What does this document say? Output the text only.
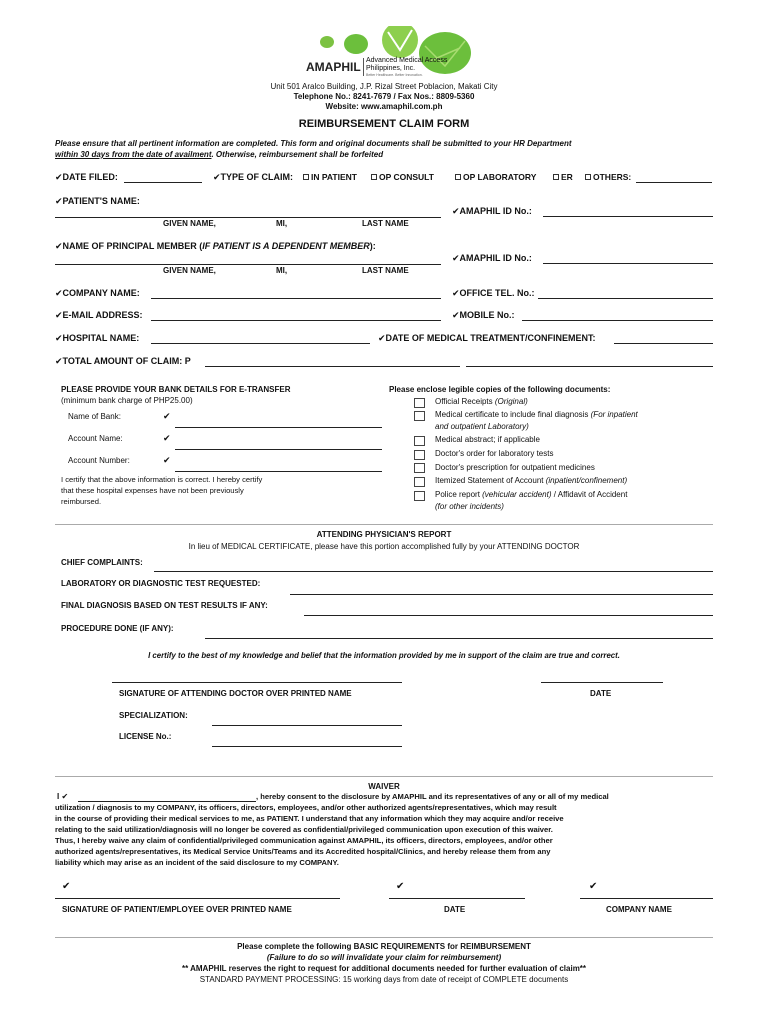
AMAPHIL Advanced Medical Access
Philippines, Inc.
Better Healthcare. Better Innovation.
Unit 501 Aralco Building, J.P. Rizal Street Poblacion, Makati City
Telephone No.: 8241-7679 / Fax Nos.: 8809-5360
Website: www.amaphil.com.ph
REIMBURSEMENT CLAIM FORM
Please ensure that all pertinent information are completed. This form and original documents shall be submitted to your HR Department
within 30 days from the date of availment. Otherwise, reimbursement shall be forfeited
✔DATE FILED:	✔TYPE OF CLAIM:	IN PATIENT	OP CONSULT	OP LABORATORY	ER	OTHERS:
✔PATIENT'S NAME:
GIVEN NAME,	MI,	LAST NAME
✔AMAPHIL ID No.:
✔NAME OF PRINCIPAL MEMBER (IF PATIENT IS A DEPENDENT MEMBER):
GIVEN NAME,	MI,	LAST NAME
✔AMAPHIL ID No.:
✔COMPANY NAME:	✔OFFICE TEL. No.:
✔E-MAIL ADDRESS:	✔MOBILE No.:
✔HOSPITAL NAME:	✔DATE OF MEDICAL TREATMENT/CONFINEMENT:
✔TOTAL AMOUNT OF CLAIM: P
PLEASE PROVIDE YOUR BANK DETAILS FOR E-TRANSFER
(minimum bank charge of PHP25.00)
Name of Bank:	✔
Account Name:	✔
Account Number:	✔
I certify that the above information is correct. I hereby certify
that these hospital expenses have not been previously
reimbursed.
Please enclose legible copies of the following documents:
Official Receipts (Original)
Medical certificate to include final diagnosis (For inpatient
and outpatient Laboratory)
Medical abstract; if applicable
Doctor's order for laboratory tests
Doctor's prescription for outpatient medicines
Itemized Statement of Account (inpatient/confinement)
Police report (vehicular accident) / Affidavit of Accident
(for other incidents)
ATTENDING PHYSICIAN'S REPORT
In lieu of MEDICAL CERTIFICATE, please have this portion accomplished fully by your ATTENDING DOCTOR
CHIEF COMPLAINTS:
LABORATORY OR DIAGNOSTIC TEST REQUESTED:
FINAL DIAGNOSIS BASED ON TEST RESULTS IF ANY:
PROCEDURE DONE (IF ANY):
I certify to the best of my knowledge and belief that the information provided by me in support of the claim are true and correct.
SIGNATURE OF ATTENDING DOCTOR OVER PRINTED NAME	DATE
SPECIALIZATION:
LICENSE No.:
WAIVER
I ✔	, hereby consent to the disclosure by AMAPHIL and its representatives of any or all of my medical
utilization / diagnosis to my COMPANY, its officers, directors, employees, and/or other authorized agents/representatives, which may result
in the course of providing their medical services to me, as PATIENT. I understand that any information which they may acquire and/or receive
relating to the said utilization/diagnosis will no longer be covered as confidential/privileged communication upon execution of this waiver.
Thus, I hereby waive any claim of confidential/privileged communication against AMAPHIL, its officers, directors, employees, and/or other
authorized agents/representatives, its Medical Service Units/Teams and its Accredited hospital/Clinics, and hereby release them from any
liability which may arise as an incident of the said disclosure to my COMPANY.
✔	✔	✔
SIGNATURE OF PATIENT/EMPLOYEE OVER PRINTED NAME	DATE	COMPANY NAME
Please complete the following BASIC REQUIREMENTS for REIMBURSEMENT
(Failure to do so will invalidate your claim for reimbursement)
** AMAPHIL reserves the right to request for additional documents needed for further evaluation of claim**
STANDARD PAYMENT PROCESSING: 15 working days from date of receipt of COMPLETE documents
